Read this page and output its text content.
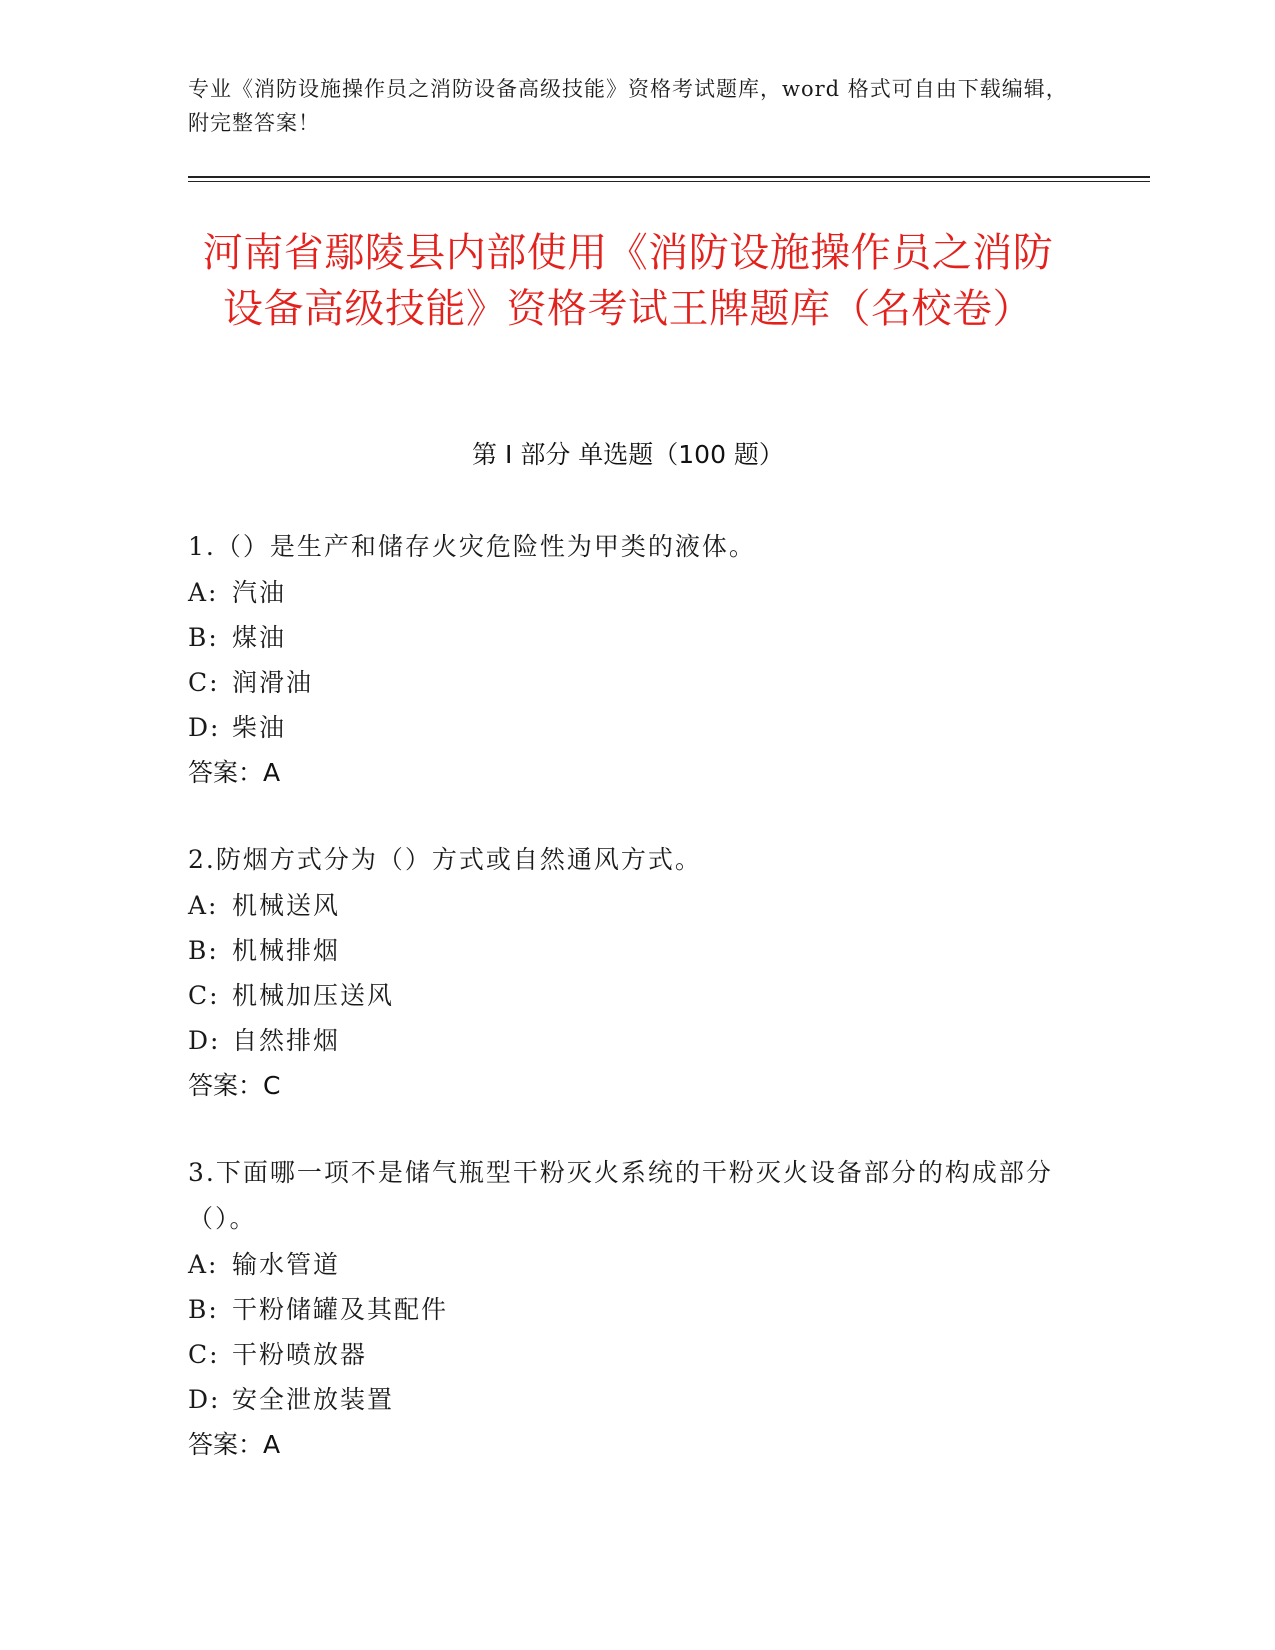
专业《消防设施操作员之消防设备高级技能》资格考试题库，word 格式可自由下载编辑，附完整答案！
河南省鄢陵县内部使用《消防设施操作员之消防设备高级技能》资格考试王牌题库（名校卷）
第 I 部分 单选题（100 题）
1.（）是生产和储存火灾危险性为甲类的液体。
A: 汽油
B: 煤油
C: 润滑油
D: 柴油
答案：A
2.防烟方式分为（）方式或自然通风方式。
A: 机械送风
B: 机械排烟
C: 机械加压送风
D: 自然排烟
答案：C
3.下面哪一项不是储气瓶型干粉灭火系统的干粉灭火设备部分的构成部分（）。
A: 输水管道
B: 干粉储罐及其配件
C: 干粉喷放器
D: 安全泄放装置
答案：A
